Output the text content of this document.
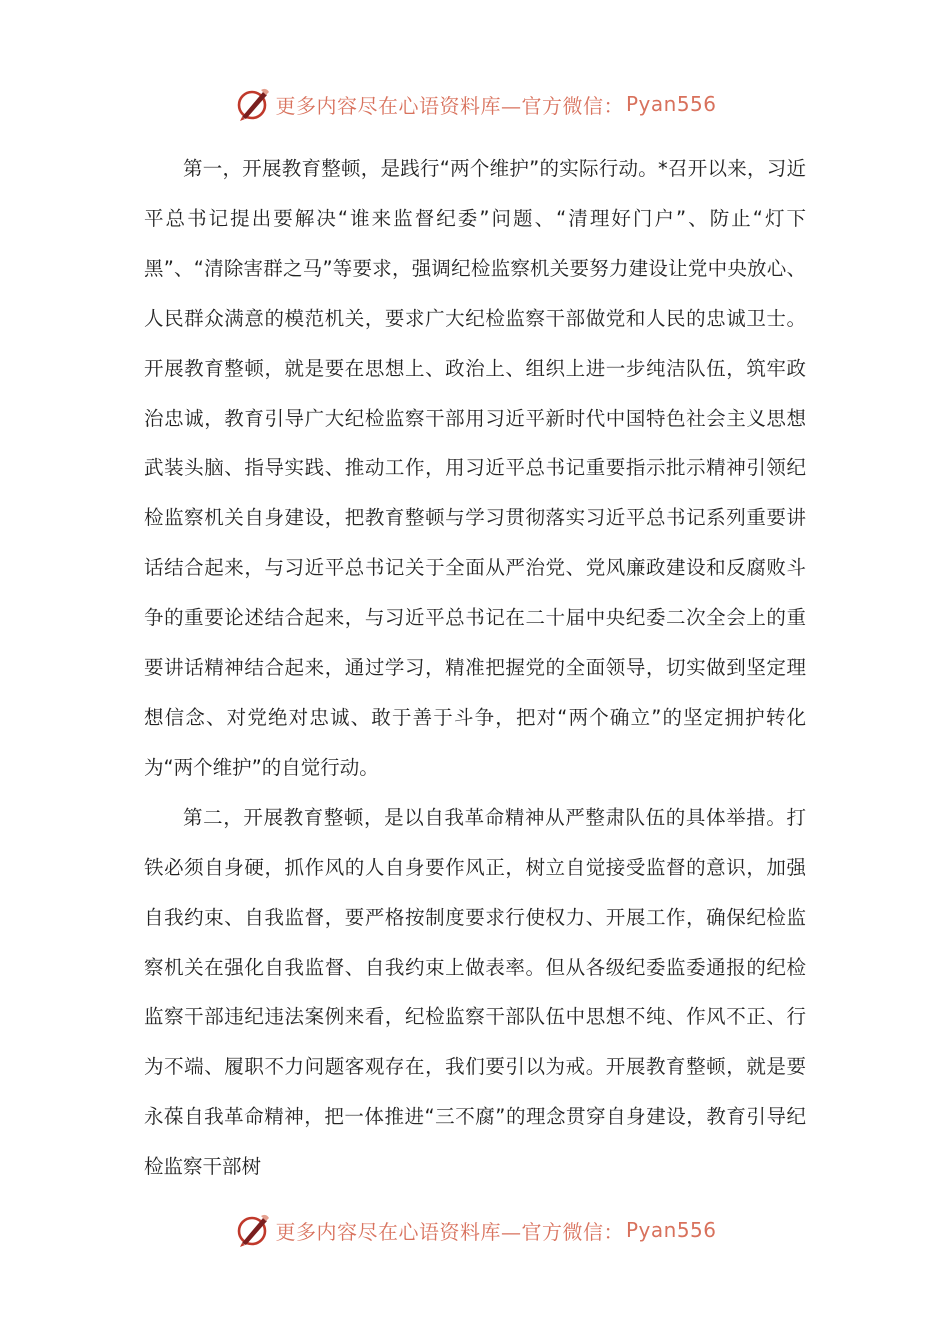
更多内容尽在心语资料库—官方微信： Pyan556

第一，开展教育整顿，是践行“两个维护”的实际行动。*召开以来，习近平总书记提出要解决“谁来监督纪委”问题、“清理好门户”、防止“灯下黑”、“清除害群之马”等要求，强调纪检监察机关要努力建设让党中央放心、人民群众满意的模范机关，要求广大纪检监察干部做党和人民的忠诚卫士。开展教育整顿，就是要在思想上、政治上、组织上进一步纯洁队伍，筑牢政治忠诚，教育引导广大纪检监察干部用习近平新时代中国特色社会主义思想武装头脑、指导实践、推动工作，用习近平总书记重要指示批示精神引领纪检监察机关自身建设，把教育整顿与学习贯彻落实习近平总书记系列重要讲话结合起来，与习近平总书记关于全面从严治党、党风廉政建设和反腐败斗争的重要论述结合起来，与习近平总书记在二十届中央纪委二次全会上的重要讲话精神结合起来，通过学习，精准把握党的全面领导，切实做到坚定理想信念、对党绝对忠诚、敢于善于斗争，把对“两个确立”的坚定拥护转化为“两个维护”的自觉行动。

第二，开展教育整顿，是以自我革命精神从严整肃队伍的具体举措。打铁必须自身硬，抓作风的人自身要作风正，树立自觉接受监督的意识，加强自我约束、自我监督，要严格按制度要求行使权力、开展工作，确保纪检监察机关在强化自我监督、自我约束上做表率。但从各级纪委监委通报的纪检监察干部违纪违法案例来看，纪检监察干部队伍中思想不纯、作风不正、行为不端、履职不力问题客观存在，我们要引以为戒。开展教育整顿，就是要永葆自我革命精神，把一体推进“三不腐”的理念贯穿自身建设，教育引导纪检监察干部树

更多内容尽在心语资料库—官方微信： Pyan556
